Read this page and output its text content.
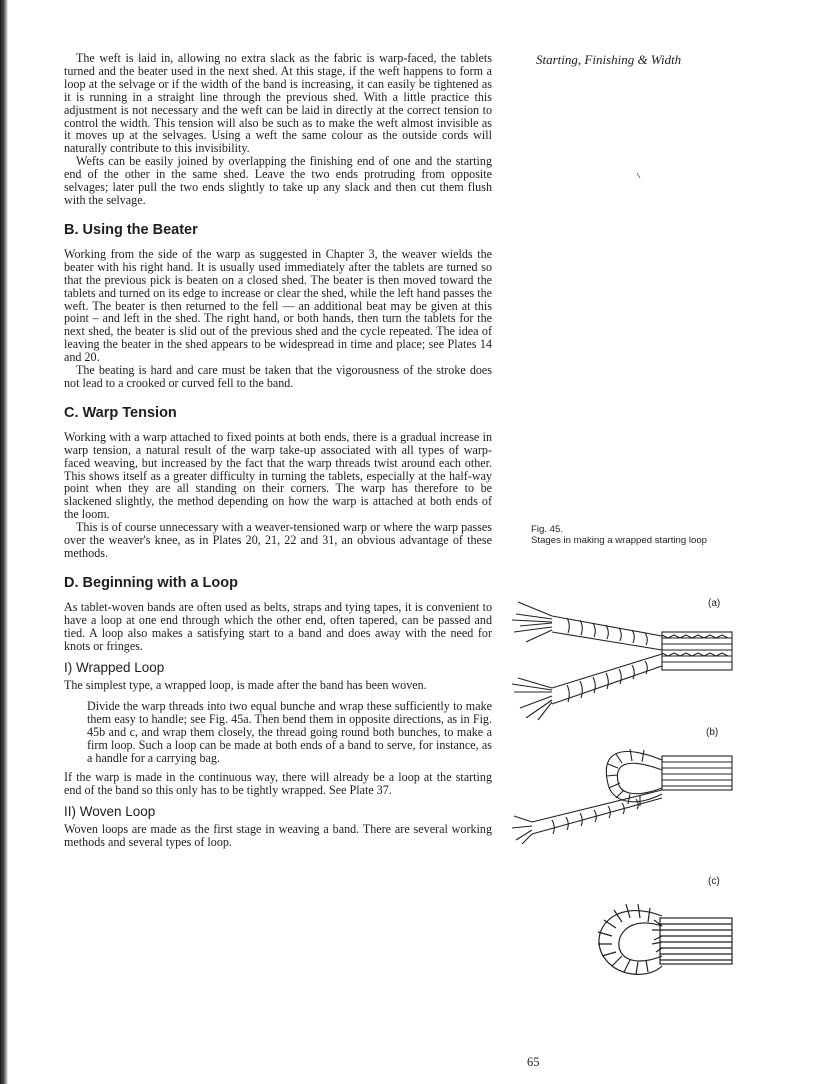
Starting, Finishing & Width

The weft is laid in, allowing no extra slack as the fabric is warp-faced, the tablets turned and the beater used in the next shed. At this stage, if the weft happens to form a loop at the selvage or if the width of the band is increasing, it can easily be tightened as it is running in a straight line through the previous shed. With a little practice this adjustment is not necessary and the weft can be laid in directly at the correct tension to control the width. This tension will also be such as to make the weft almost invisible as it moves up at the selvages. Using a weft the same colour as the outside cords will naturally contribute to this invisibility.

Wefts can be easily joined by overlapping the finishing end of one and the starting end of the other in the same shed. Leave the two ends protruding from opposite selvages; later pull the two ends slightly to take up any slack and then cut them flush with the selvage.

B. Using the Beater

Working from the side of the warp as suggested in Chapter 3, the weaver wields the beater with his right hand. It is usually used immediately after the tablets are turned so that the previous pick is beaten on a closed shed. The beater is then moved toward the tablets and turned on its edge to increase or clear the shed, while the left hand passes the weft. The beater is then returned to the fell — an additional beat may be given at this point – and left in the shed. The right hand, or both hands, then turn the tablets for the next shed, the beater is slid out of the previous shed and the cycle repeated. The idea of leaving the beater in the shed appears to be widespread in time and place; see Plates 14 and 20.

The beating is hard and care must be taken that the vigorousness of the stroke does not lead to a crooked or curved fell to the band.

C. Warp Tension

Working with a warp attached to fixed points at both ends, there is a gradual increase in warp tension, a natural result of the warp take-up associated with all types of warp-faced weaving, but increased by the fact that the warp threads twist around each other. This shows itself as a greater difficulty in turning the tablets, especially at the half-way point when they are all standing on their corners. The warp has therefore to be slackened slightly, the method depending on how the warp is attached at both ends of the loom.

This is of course unnecessary with a weaver-tensioned warp or where the warp passes over the weaver's knee, as in Plates 20, 21, 22 and 31, an obvious advantage of these methods.

D. Beginning with a Loop

As tablet-woven bands are often used as belts, straps and tying tapes, it is convenient to have a loop at one end through which the other end, often tapered, can be passed and tied. A loop also makes a satisfying start to a band and does away with the need for knots or fringes.

I) Wrapped Loop

The simplest type, a wrapped loop, is made after the band has been woven.

Divide the warp threads into two equal bunche and wrap these sufficiently to make them easy to handle; see Fig. 45a. Then bend them in opposite directions, as in Fig. 45b and c, and wrap them closely, the thread going round both bunches, to make a firm loop. Such a loop can be made at both ends of a band to serve, for instance, as a handle for a carrying bag.

If the warp is made in the continuous way, there will already be a loop at the starting end of the band so this only has to be tightly wrapped. See Plate 37.

II) Woven Loop

Woven loops are made as the first stage in weaving a band. There are several working methods and several types of loop.

Fig. 45.
Stages in making a wrapped starting loop
(a)
(b)
(c)
65
